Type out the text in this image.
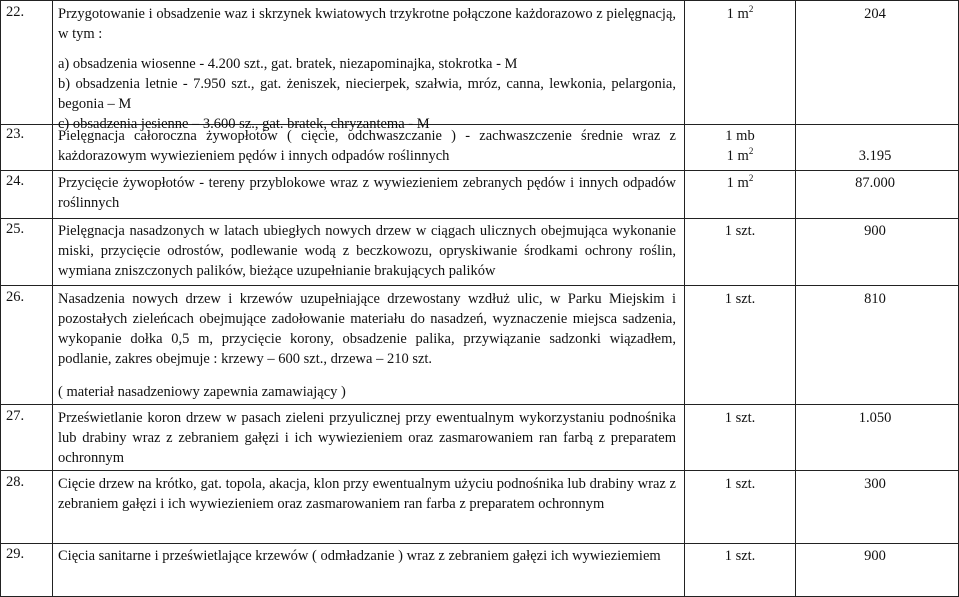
22. Przygotowanie i obsadzenie waz i skrzynek kwiatowych trzykrotne połączone każdorazowo z pielęgnacją, w tym :
a) obsadzenia wiosenne - 4.200 szt., gat. bratek, niezapominajka, stokrotka - M
b) obsadzenia letnie - 7.950 szt., gat. żeniszek, niecierpek, szałwia, mróz, canna, lewkonia, pelargonia, begonia – M
c) obsadzenia jesienne – 3.600 sz., gat. bratek, chryzantema - M
1 $m^2$	204
23. Pielęgnacja całoroczna żywopłotów ( cięcie, odchwaszczanie ) - zachwaszczenie średnie wraz z każdorazowym wywiezieniem pędów i innych odpadów roślinnych
1 mb
1 $m^2$	3.195
24. Przycięcie żywopłotów - tereny przyblokowe wraz z wywiezieniem zebranych pędów i innych odpadów roślinnych
1 $m^2$	87.000
25. Pielęgnacja nasadzonych w latach ubiegłych nowych drzew w ciągach ulicznych obejmująca wykonanie miski, przycięcie odrostów, podlewanie wodą z beczkowozu, opryskiwanie środkami ochrony roślin, wymiana zniszczonych palików, bieżące uzupełnianie brakujących palików
1 szt.	900
26. Nasadzenia nowych drzew i krzewów uzupełniające drzewostany wzdłuż ulic, w Parku Miejskim i pozostałych zieleńcach obejmujące zadołowanie materiału do nasadzeń, wyznaczenie miejsca sadzenia, wykopanie dołka 0,5 m, przycięcie korony, obsadzenie palika, przywiązanie sadzonki wiązadłem, podlanie, zakres obejmuje : krzewy – 600 szt., drzewa – 210 szt.
( materiał nasadzeniowy zapewnia zamawiający )
1 szt.	810
27. Prześwietlanie koron drzew w pasach zieleni przyulicznej przy ewentualnym wykorzystaniu podnośnika lub drabiny wraz z zebraniem gałęzi i ich wywiezieniem oraz zasmarowaniem ran farbą z preparatem ochronnym
1 szt.	1.050
28. Cięcie drzew na krótko, gat. topola, akacja, klon przy ewentualnym użyciu podnośnika lub drabiny wraz z zebraniem gałęzi i ich wywiezieniem oraz zasmarowaniem ran farba z preparatem ochronnym
1 szt.	300
29. Cięcia sanitarne i prześwietlające krzewów ( odmładzanie ) wraz z zebraniem gałęzi ich wywieziemiem	1 szt.	900
